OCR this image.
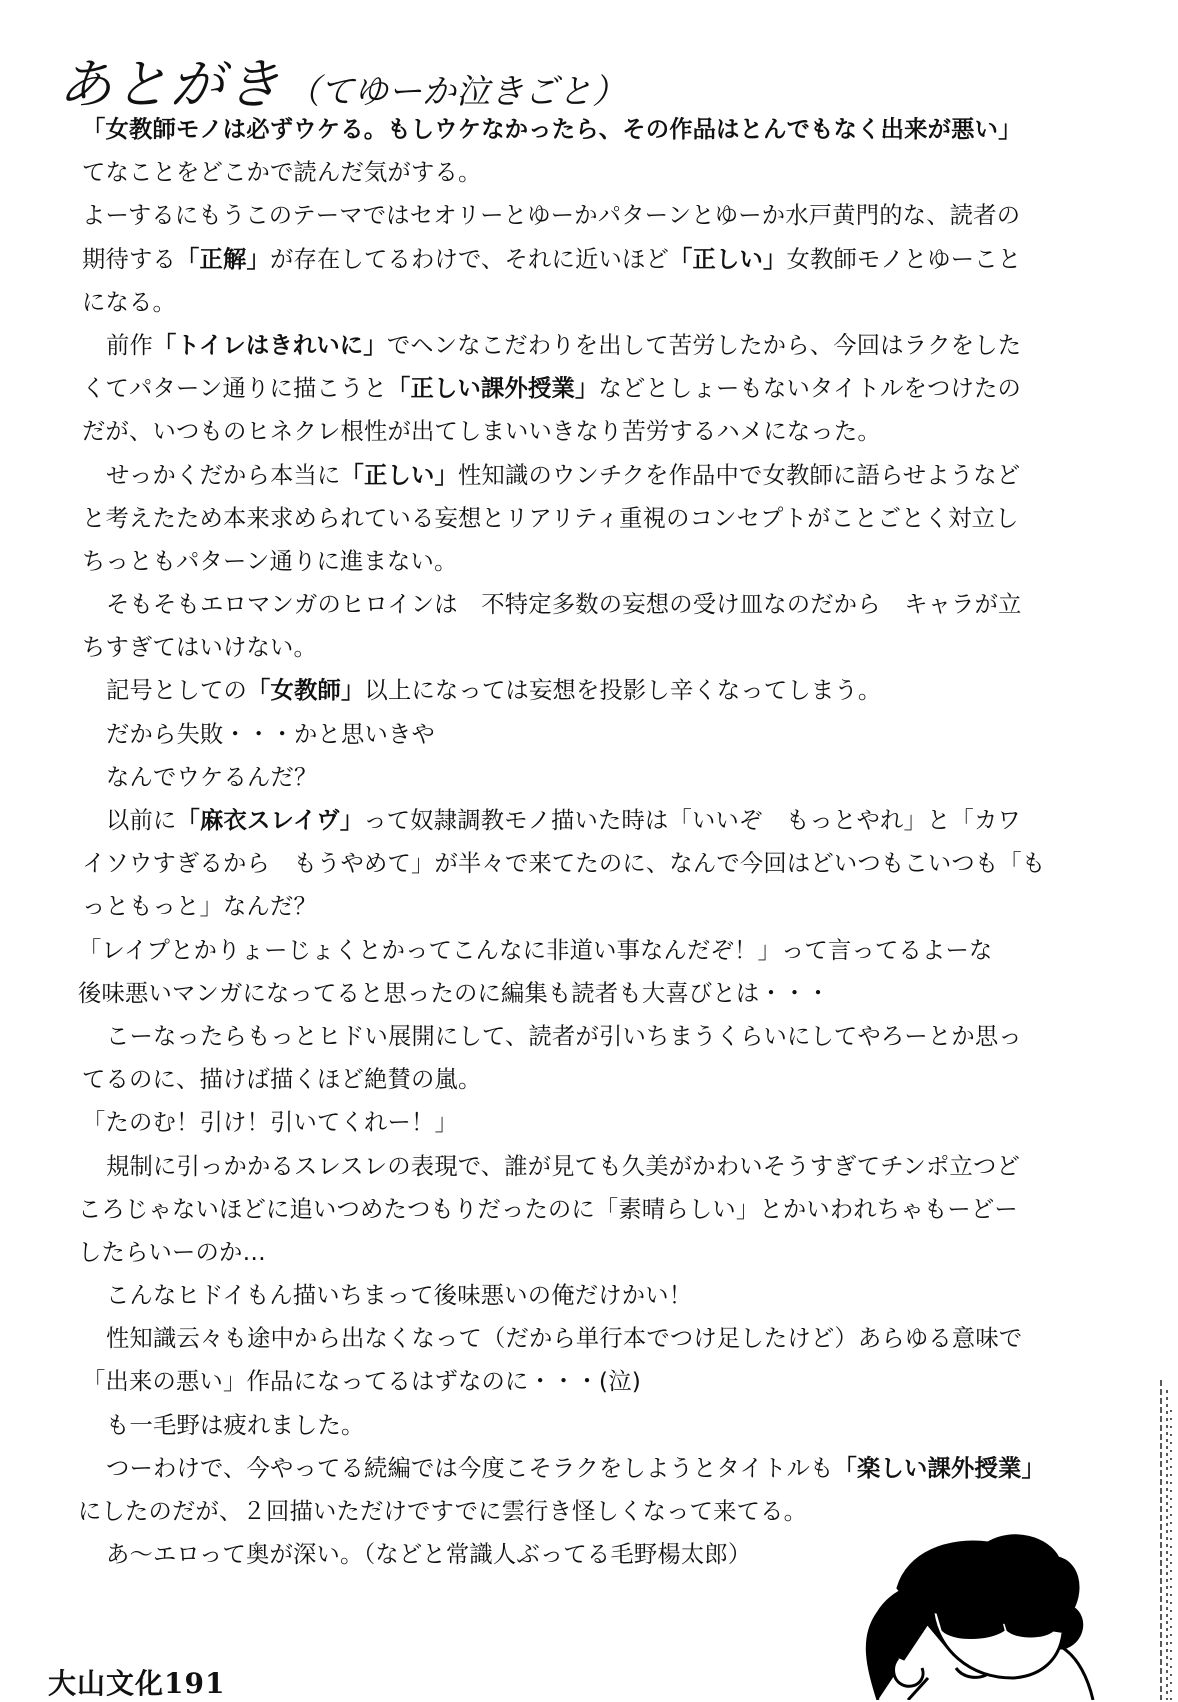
あとがき （てゆーか泣きごと）
「女教師モノは必ずウケる。もしウケなかったら、その作品はとんでもなく出来が悪い」
てなことをどこかで読んだ気がする。
よーするにもうこのテーマではセオリーとゆーかパターンとゆーか水戸黄門的な、読者の
期待する「正解」が存在してるわけで、それに近いほど「正しい」女教師モノとゆーこと
になる。
前作「トイレはきれいに」でヘンなこだわりを出して苦労したから、今回はラクをした
くてパターン通りに描こうと「正しい課外授業」などとしょーもないタイトルをつけたの
だが、いつものヒネクレ根性が出てしまいいきなり苦労するハメになった。
せっかくだから本当に「正しい」性知識のウンチクを作品中で女教師に語らせようなど
と考えたため本来求められている妄想とリアリティ重視のコンセプトがことごとく対立し
ちっともパターン通りに進まない。
そもそもエロマンガのヒロインは　不特定多数の妄想の受け皿なのだから　キャラが立
ちすぎてはいけない。
記号としての「女教師」以上になっては妄想を投影し辛くなってしまう。
だから失敗・・・かと思いきや
なんでウケるんだ？
以前に「麻衣スレイヴ」って奴隷調教モノ描いた時は「いいぞ　もっとやれ」と「カワ
イソウすぎるから　もうやめて」が半々で来てたのに、なんで今回はどいつもこいつも「も
っともっと」なんだ？
「レイプとかりょーじょくとかってこんなに非道い事なんだぞ！」って言ってるよーな
後味悪いマンガになってると思ったのに編集も読者も大喜びとは・・・
こーなったらもっとヒドい展開にして、読者が引いちまうくらいにしてやろーとか思っ
てるのに、描けば描くほど絶賛の嵐。
「たのむ！引け！引いてくれー！」
規制に引っかかるスレスレの表現で、誰が見ても久美がかわいそうすぎてチンポ立つど
ころじゃないほどに追いつめたつもりだったのに「素晴らしい」とかいわれちゃもーどー
したらいーのか…
こんなヒドイもん描いちまって後味悪いの俺だけかい！
性知識云々も途中から出なくなって（だから単行本でつけ足したけど）あらゆる意味で
「出来の悪い」作品になってるはずなのに・・・(泣)
も一毛野は疲れました。
つーわけで、今やってる続編では今度こそラクをしようとタイトルも「楽しい課外授業」
にしたのだが、２回描いただけですでに雲行き怪しくなって来てる。
あ～エロって奥が深い。（などと常識人ぶってる毛野楊太郎）
大山文化191
